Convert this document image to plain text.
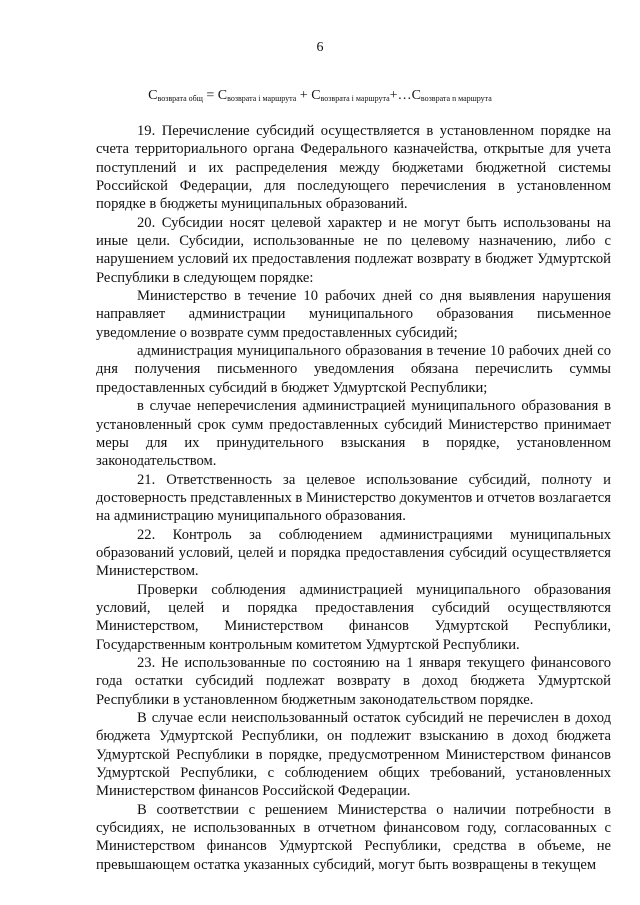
6
$С_{возврата общ} = С_{возврата i маршрута}$ + $С_{возврата i маршрута}+\dots С_{возврата n маршрута}$

19. Перечисление субсидий осуществляется в установленном порядке на счета территориального органа Федерального казначейства, открытые для учета поступлений и их распределения между бюджетами бюджетной системы Российской Федерации, для последующего перечисления в установленном порядке в бюджеты муниципальных образований.

20. Субсидии носят целевой характер и не могут быть использованы на иные цели. Субсидии, использованные не по целевому назначению, либо с нарушением условий их предоставления подлежат возврату в бюджет Удмуртской Республики в следующем порядке:

Министерство в течение 10 рабочих дней со дня выявления нарушения направляет администрации муниципального образования письменное уведомление о возврате сумм предоставленных субсидий;

администрация муниципального образования в течение 10 рабочих дней со дня получения письменного уведомления обязана перечислить суммы предоставленных субсидий в бюджет Удмуртской Республики;

в случае неперечисления администрацией муниципального образования в установленный срок сумм предоставленных субсидий Министерство принимает меры для их принудительного взыскания в порядке, установленном законодательством.

21. Ответственность за целевое использование субсидий, полноту и достоверность представленных в Министерство документов и отчетов возлагается на администрацию муниципального образования.

22. Контроль за соблюдением администрациями муниципальных образований условий, целей и порядка предоставления субсидий осуществляется Министерством.

Проверки соблюдения администрацией муниципального образования условий, целей и порядка предоставления субсидий осуществляются Министерством, Министерством финансов Удмуртской Республики, Государственным контрольным комитетом Удмуртской Республики.

23. Не использованные по состоянию на 1 января текущего финансового года остатки субсидий подлежат возврату в доход бюджета Удмуртской Республики в установленном бюджетным законодательством порядке.

В случае если неиспользованный остаток субсидий не перечислен в доход бюджета Удмуртской Республики, он подлежит взысканию в доход бюджета Удмуртской Республики в порядке, предусмотренном Министерством финансов Удмуртской Республики, с соблюдением общих требований, установленных Министерством финансов Российской Федерации.

В соответствии с решением Министерства о наличии потребности в субсидиях, не использованных в отчетном финансовом году, согласованных с Министерством финансов Удмуртской Республики, средства в объеме, не превышающем остатка указанных субсидий, могут быть возвращены в текущем
